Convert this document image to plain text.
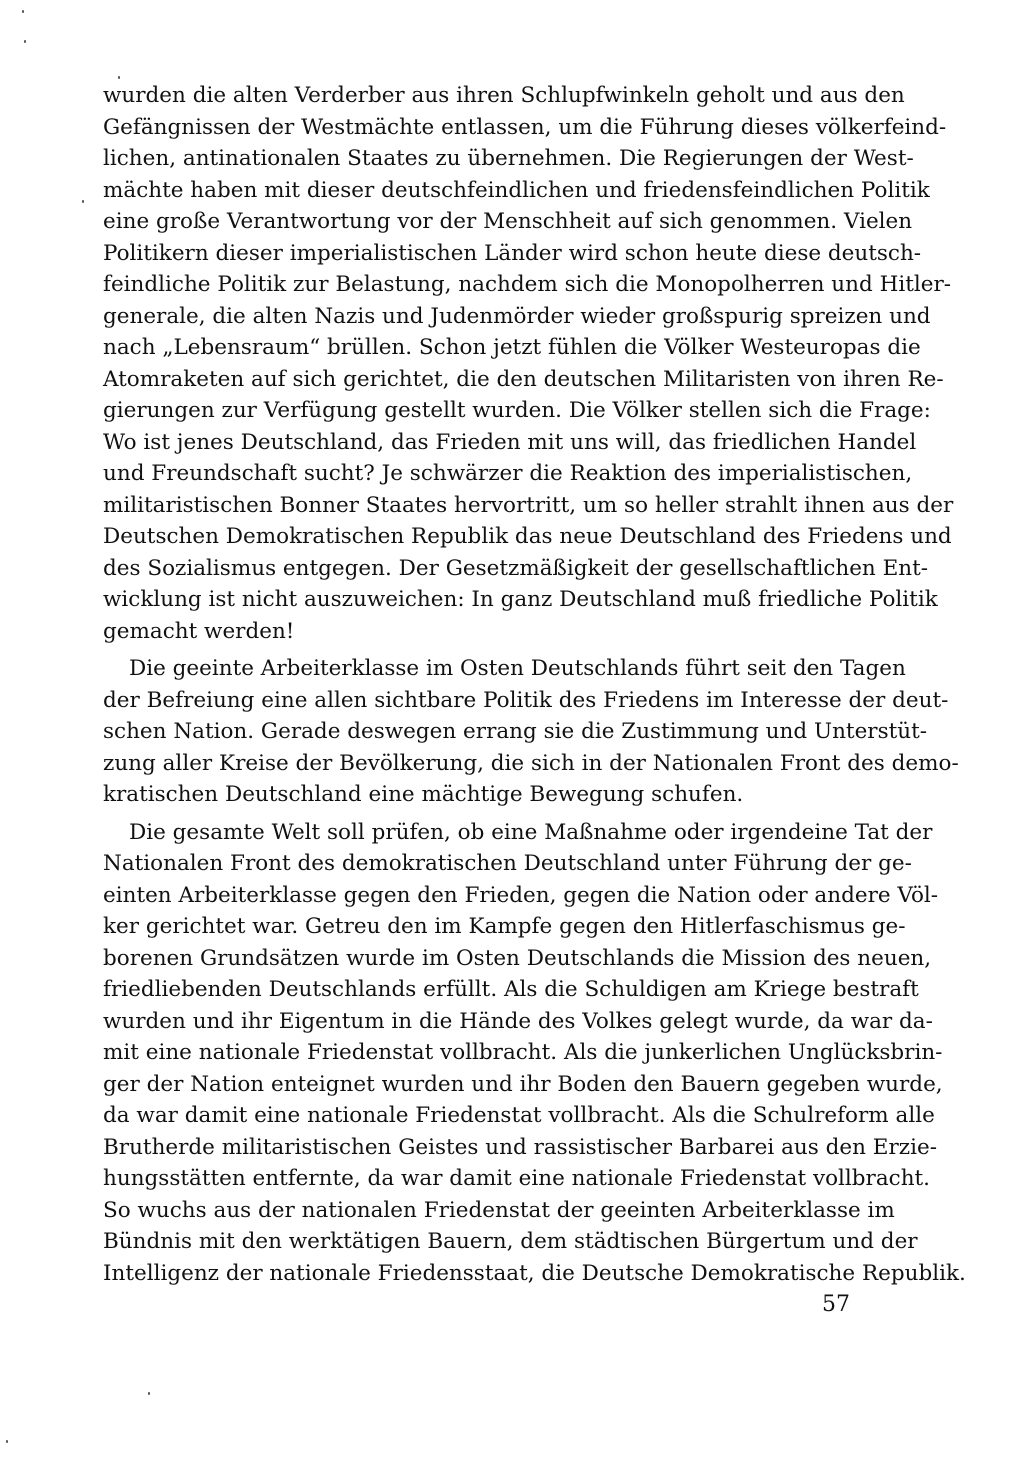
wurden die alten Verderber aus ihren Schlupfwinkeln geholt und aus den
Gefängnissen der Westmächte entlassen, um die Führung dieses völkerfeind-
lichen, antinationalen Staates zu übernehmen. Die Regierungen der West-
mächte haben mit dieser deutschfeindlichen und friedensfeindlichen Politik
eine große Verantwortung vor der Menschheit auf sich genommen. Vielen
Politikern dieser imperialistischen Länder wird schon heute diese deutsch-
feindliche Politik zur Belastung, nachdem sich die Monopolherren und Hitler-
generale, die alten Nazis und Judenmörder wieder großspurig spreizen und
nach „Lebensraum“ brüllen. Schon jetzt fühlen die Völker Westeuropas die
Atomraketen auf sich gerichtet, die den deutschen Militaristen von ihren Re-
gierungen zur Verfügung gestellt wurden. Die Völker stellen sich die Frage:
Wo ist jenes Deutschland, das Frieden mit uns will, das friedlichen Handel
und Freundschaft sucht? Je schwärzer die Reaktion des imperialistischen,
militaristischen Bonner Staates hervortritt, um so heller strahlt ihnen aus der
Deutschen Demokratischen Republik das neue Deutschland des Friedens und
des Sozialismus entgegen. Der Gesetzmäßigkeit der gesellschaftlichen Ent-
wicklung ist nicht auszuweichen: In ganz Deutschland muß friedliche Politik
gemacht werden!
Die geeinte Arbeiterklasse im Osten Deutschlands führt seit den Tagen
der Befreiung eine allen sichtbare Politik des Friedens im Interesse der deut-
schen Nation. Gerade deswegen errang sie die Zustimmung und Unterstüt-
zung aller Kreise der Bevölkerung, die sich in der Nationalen Front des demo-
kratischen Deutschland eine mächtige Bewegung schufen.
Die gesamte Welt soll prüfen, ob eine Maßnahme oder irgendeine Tat der
Nationalen Front des demokratischen Deutschland unter Führung der ge-
einten Arbeiterklasse gegen den Frieden, gegen die Nation oder andere Völ-
ker gerichtet war. Getreu den im Kampfe gegen den Hitlerfaschismus ge-
borenen Grundsätzen wurde im Osten Deutschlands die Mission des neuen,
friedliebenden Deutschlands erfüllt. Als die Schuldigen am Kriege bestraft
wurden und ihr Eigentum in die Hände des Volkes gelegt wurde, da war da-
mit eine nationale Friedenstat vollbracht. Als die junkerlichen Unglücksbrin-
ger der Nation enteignet wurden und ihr Boden den Bauern gegeben wurde,
da war damit eine nationale Friedenstat vollbracht. Als die Schulreform alle
Brutherde militaristischen Geistes und rassistischer Barbarei aus den Erzie-
hungsstätten entfernte, da war damit eine nationale Friedenstat vollbracht.
So wuchs aus der nationalen Friedenstat der geeinten Arbeiterklasse im
Bündnis mit den werktätigen Bauern, dem städtischen Bürgertum und der
Intelligenz der nationale Friedensstaat, die Deutsche Demokratische Republik.
57
